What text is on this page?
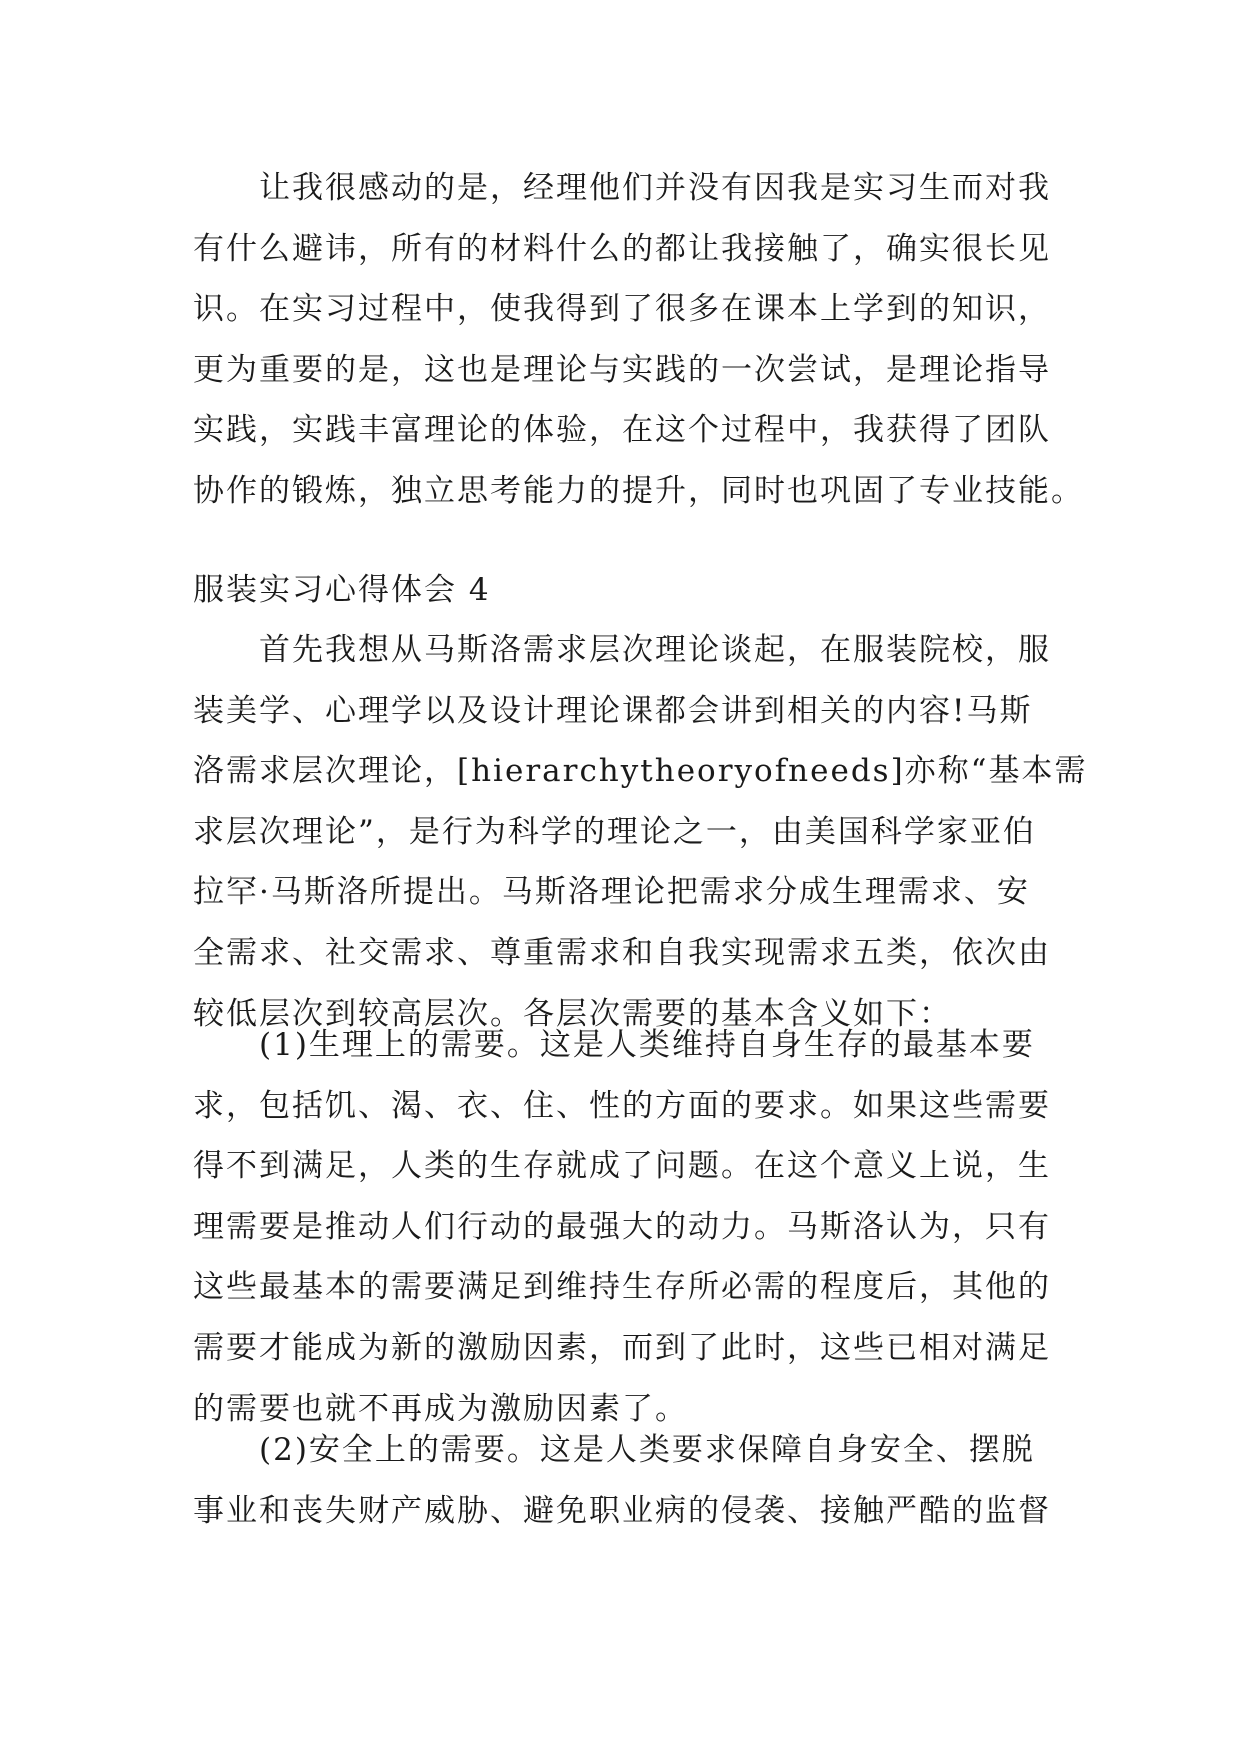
让我很感动的是，经理他们并没有因我是实习生而对我
有什么避讳，所有的材料什么的都让我接触了，确实很长见
识。在实习过程中，使我得到了很多在课本上学到的知识，
更为重要的是，这也是理论与实践的一次尝试，是理论指导
实践，实践丰富理论的体验，在这个过程中，我获得了团队
协作的锻炼，独立思考能力的提升，同时也巩固了专业技能。
服装实习心得体会 4
首先我想从马斯洛需求层次理论谈起，在服装院校，服
装美学、心理学以及设计理论课都会讲到相关的内容!马斯
洛需求层次理论，[hierarchytheoryofneeds]亦称“基本需
求层次理论”，是行为科学的理论之一，由美国科学家亚伯
拉罕·马斯洛所提出。马斯洛理论把需求分成生理需求、安
全需求、社交需求、尊重需求和自我实现需求五类，依次由
较低层次到较高层次。各层次需要的基本含义如下：
(1)生理上的需要。这是人类维持自身生存的最基本要
求，包括饥、渴、衣、住、性的方面的要求。如果这些需要
得不到满足，人类的生存就成了问题。在这个意义上说，生
理需要是推动人们行动的最强大的动力。马斯洛认为，只有
这些最基本的需要满足到维持生存所必需的程度后，其他的
需要才能成为新的激励因素，而到了此时，这些已相对满足
的需要也就不再成为激励因素了。
(2)安全上的需要。这是人类要求保障自身安全、摆脱
事业和丧失财产威胁、避免职业病的侵袭、接触严酷的监督
